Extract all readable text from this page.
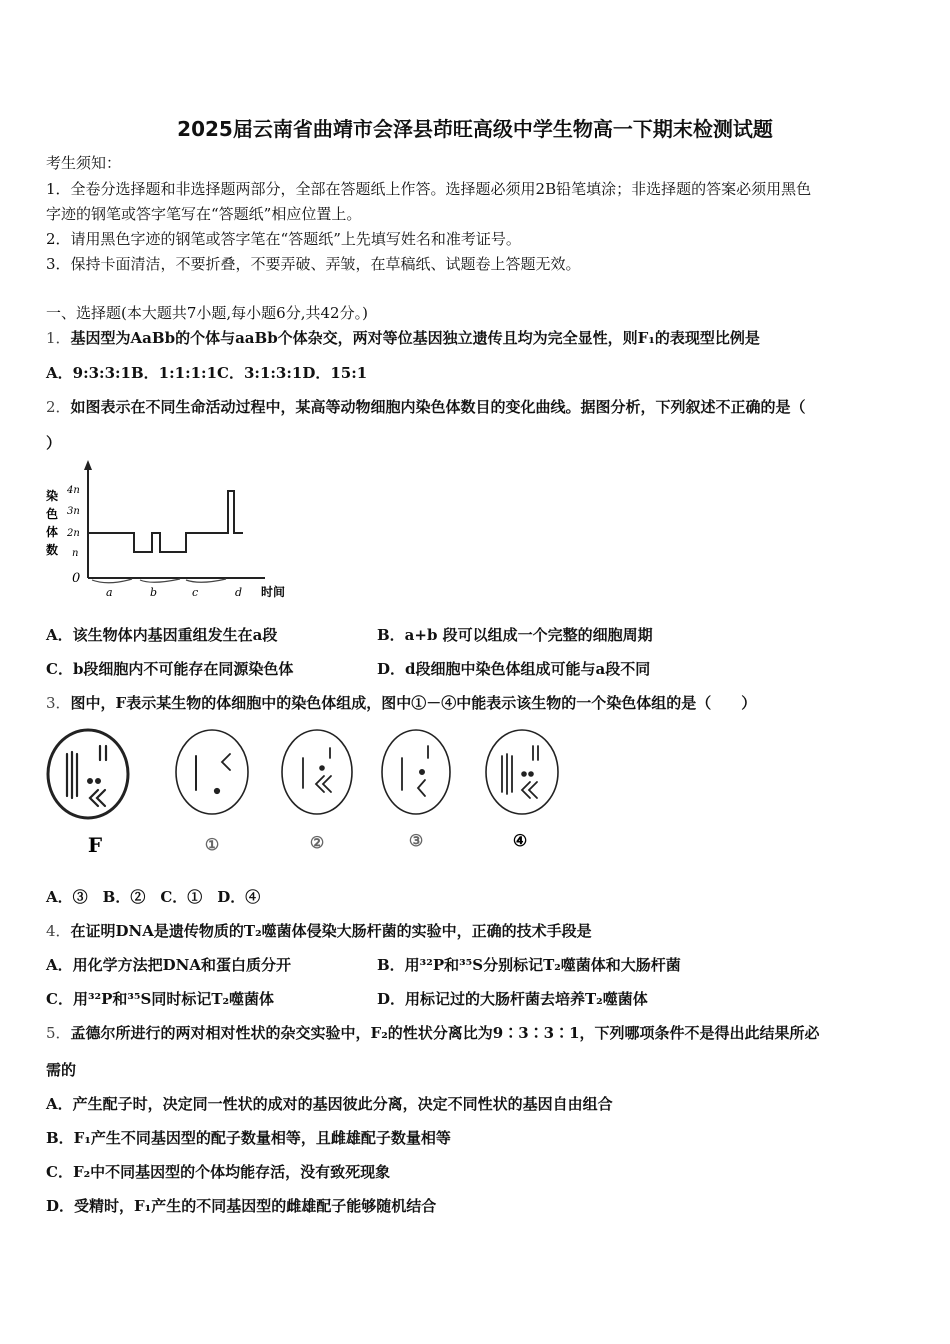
2025届云南省曲靖市会泽县茚旺高级中学生物高一下期末检测试题
考生须知：
1．全卷分选择题和非选择题两部分，全部在答题纸上作答。选择题必须用2B铅笔填涂；非选择题的答案必须用黑色
字迹的钢笔或答字笔写在“答题纸”相应位置上。
2．请用黑色字迹的钢笔或答字笔在“答题纸”上先填写姓名和准考证号。
3．保持卡面清洁，不要折叠，不要弄破、弄皱，在草稿纸、试题卷上答题无效。
一、选择题(本大题共7小题,每小题6分,共42分。)
1．基因型为AaBb的个体与aaBb个体杂交，两对等位基因独立遗传且均为完全显性，则F₁的表现型比例是
A．9:3:3:1B．1:1:1:1C．3:1:3:1D．15:1
2．如图表示在不同生命活动过程中，某高等动物细胞内染色体数目的变化曲线。据图分析，下列叙述不正确的是（
）
染
色
体
数
4n
3n
2n
n
0
a	b	c	d 时间
A．该生物体内基因重组发生在a段	B．a+b 段可以组成一个完整的细胞周期
C．b段细胞内不可能存在同源染色体	D．d段细胞中染色体组成可能与a段不同
3．图中，F表示某生物的体细胞中的染色体组成，图中①－④中能表示该生物的一个染色体组的是（　　）
F	①	②	③	④
A．③　B．②　C．①　D．④
4．在证明DNA是遗传物质的T₂噬菌体侵染大肠杆菌的实验中，正确的技术手段是
A．用化学方法把DNA和蛋白质分开	B．用³²P和³⁵S分别标记T₂噬菌体和大肠杆菌
C．用³²P和³⁵S同时标记T₂噬菌体	D．用标记过的大肠杆菌去培养T₂噬菌体
5．孟德尔所进行的两对相对性状的杂交实验中，F₂的性状分离比为9∶3∶3∶1，下列哪项条件不是得出此结果所必
需的
A．产生配子时，决定同一性状的成对的基因彼此分离，决定不同性状的基因自由组合
B．F₁产生不同基因型的配子数量相等，且雌雄配子数量相等
C．F₂中不同基因型的个体均能存活，没有致死现象
D．受精时，F₁产生的不同基因型的雌雄配子能够随机结合
